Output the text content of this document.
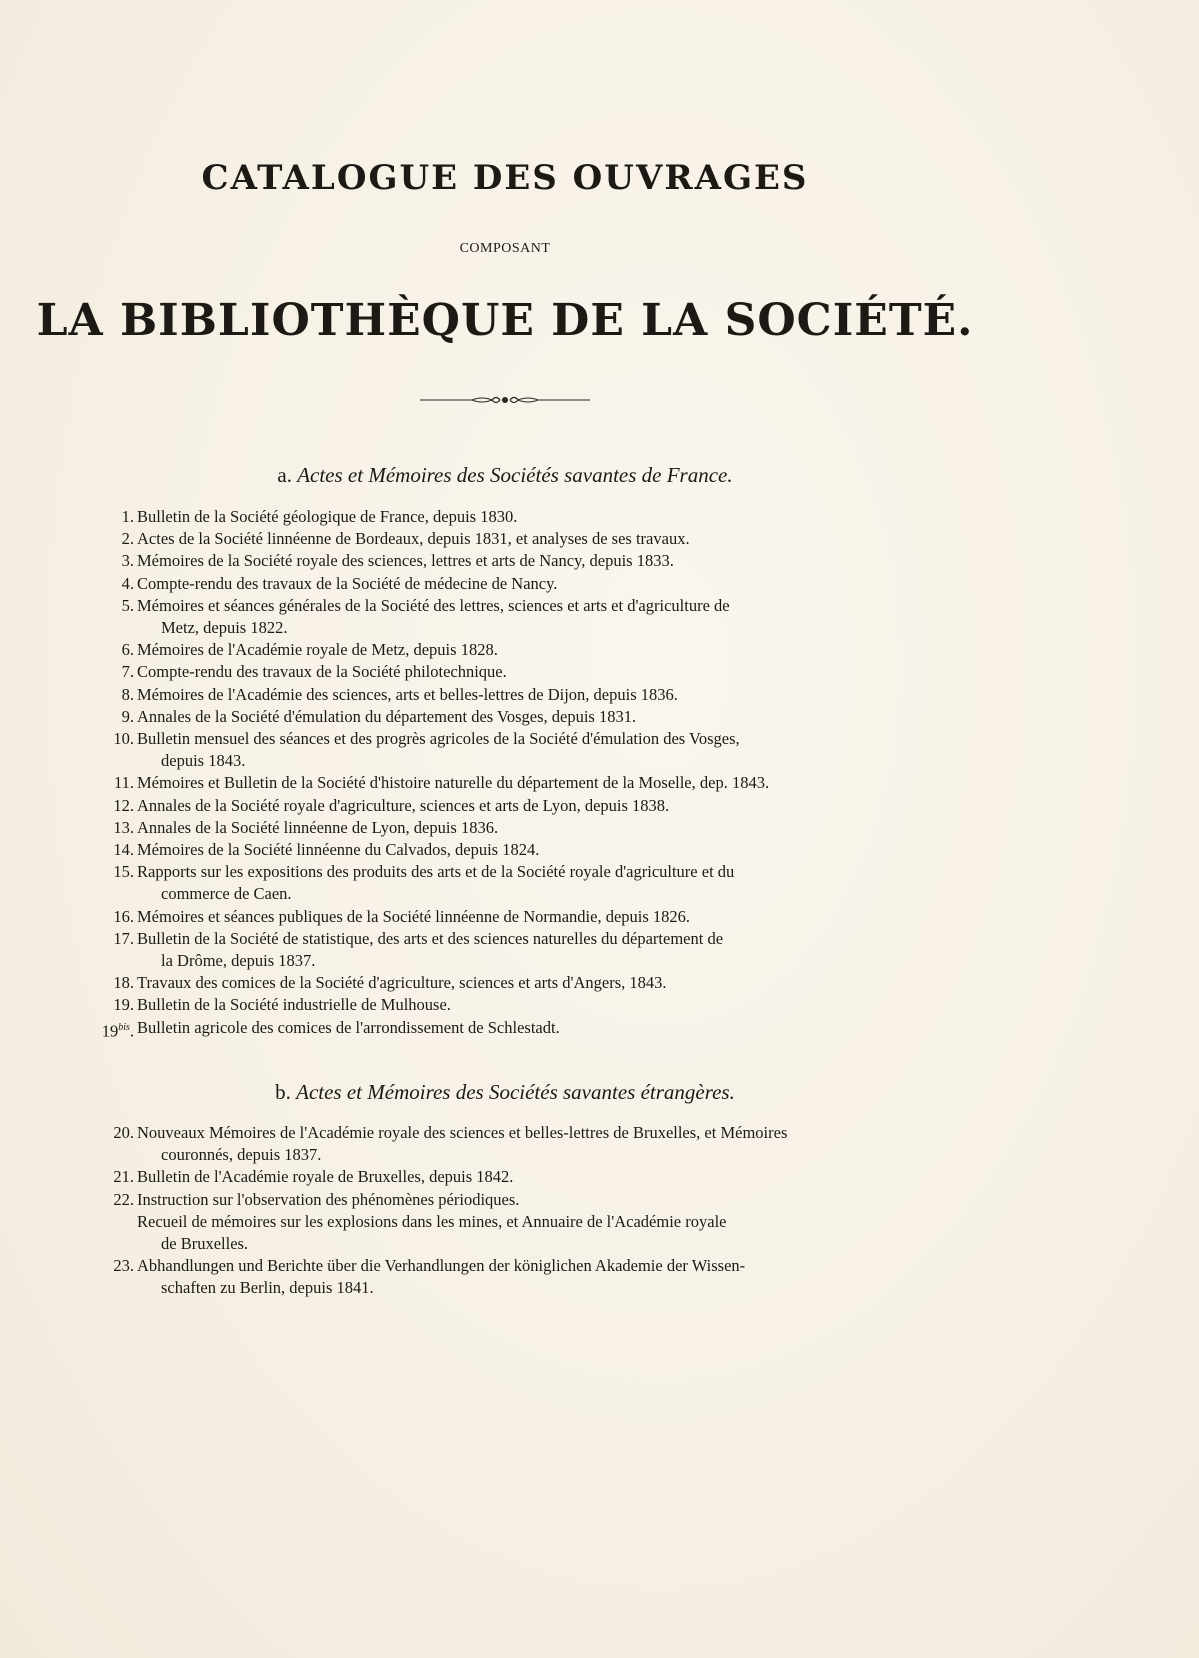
CATALOGUE DES OUVRAGES
COMPOSANT
LA BIBLIOTHÈQUE DE LA SOCIÉTÉ.
a. Actes et Mémoires des Sociétés savantes de France.
1. Bulletin de la Société géologique de France, depuis 1830.
2. Actes de la Société linnéenne de Bordeaux, depuis 1831, et analyses de ses travaux.
3. Mémoires de la Société royale des sciences, lettres et arts de Nancy, depuis 1833.
4. Compte-rendu des travaux de la Société de médecine de Nancy.
5. Mémoires et séances générales de la Société des lettres, sciences et arts et d'agriculture de
Metz, depuis 1822.
6. Mémoires de l'Académie royale de Metz, depuis 1828.
7. Compte-rendu des travaux de la Société philotechnique.
8. Mémoires de l'Académie des sciences, arts et belles-lettres de Dijon, depuis 1836.
9. Annales de la Société d'émulation du département des Vosges, depuis 1831.
10. Bulletin mensuel des séances et des progrès agricoles de la Société d'émulation des Vosges,
depuis 1843.
11. Mémoires et Bulletin de la Société d'histoire naturelle du département de la Moselle, dep. 1843.
12. Annales de la Société royale d'agriculture, sciences et arts de Lyon, depuis 1838.
13. Annales de la Société linnéenne de Lyon, depuis 1836.
14. Mémoires de la Société linnéenne du Calvados, depuis 1824.
15. Rapports sur les expositions des produits des arts et de la Société royale d'agriculture et du
commerce de Caen.
16. Mémoires et séances publiques de la Société linnéenne de Normandie, depuis 1826.
17. Bulletin de la Société de statistique, des arts et des sciences naturelles du département de
la Drôme, depuis 1837.
18. Travaux des comices de la Société d'agriculture, sciences et arts d'Angers, 1843.
19. Bulletin de la Société industrielle de Mulhouse.
$19^{bis}$. Bulletin agricole des comices de l'arrondissement de Schlestadt.
b. Actes et Mémoires des Sociétés savantes étrangères.
20. Nouveaux Mémoires de l'Académie royale des sciences et belles-lettres de Bruxelles, et Mémoires
couronnés, depuis 1837.
21. Bulletin de l'Académie royale de Bruxelles, depuis 1842.
22. Instruction sur l'observation des phénomènes périodiques.
Recueil de mémoires sur les explosions dans les mines, et Annuaire de l'Académie royale
de Bruxelles.
23. Abhandlungen und Berichte über die Verhandlungen der königlichen Akademie der Wissen-
schaften zu Berlin, depuis 1841.
